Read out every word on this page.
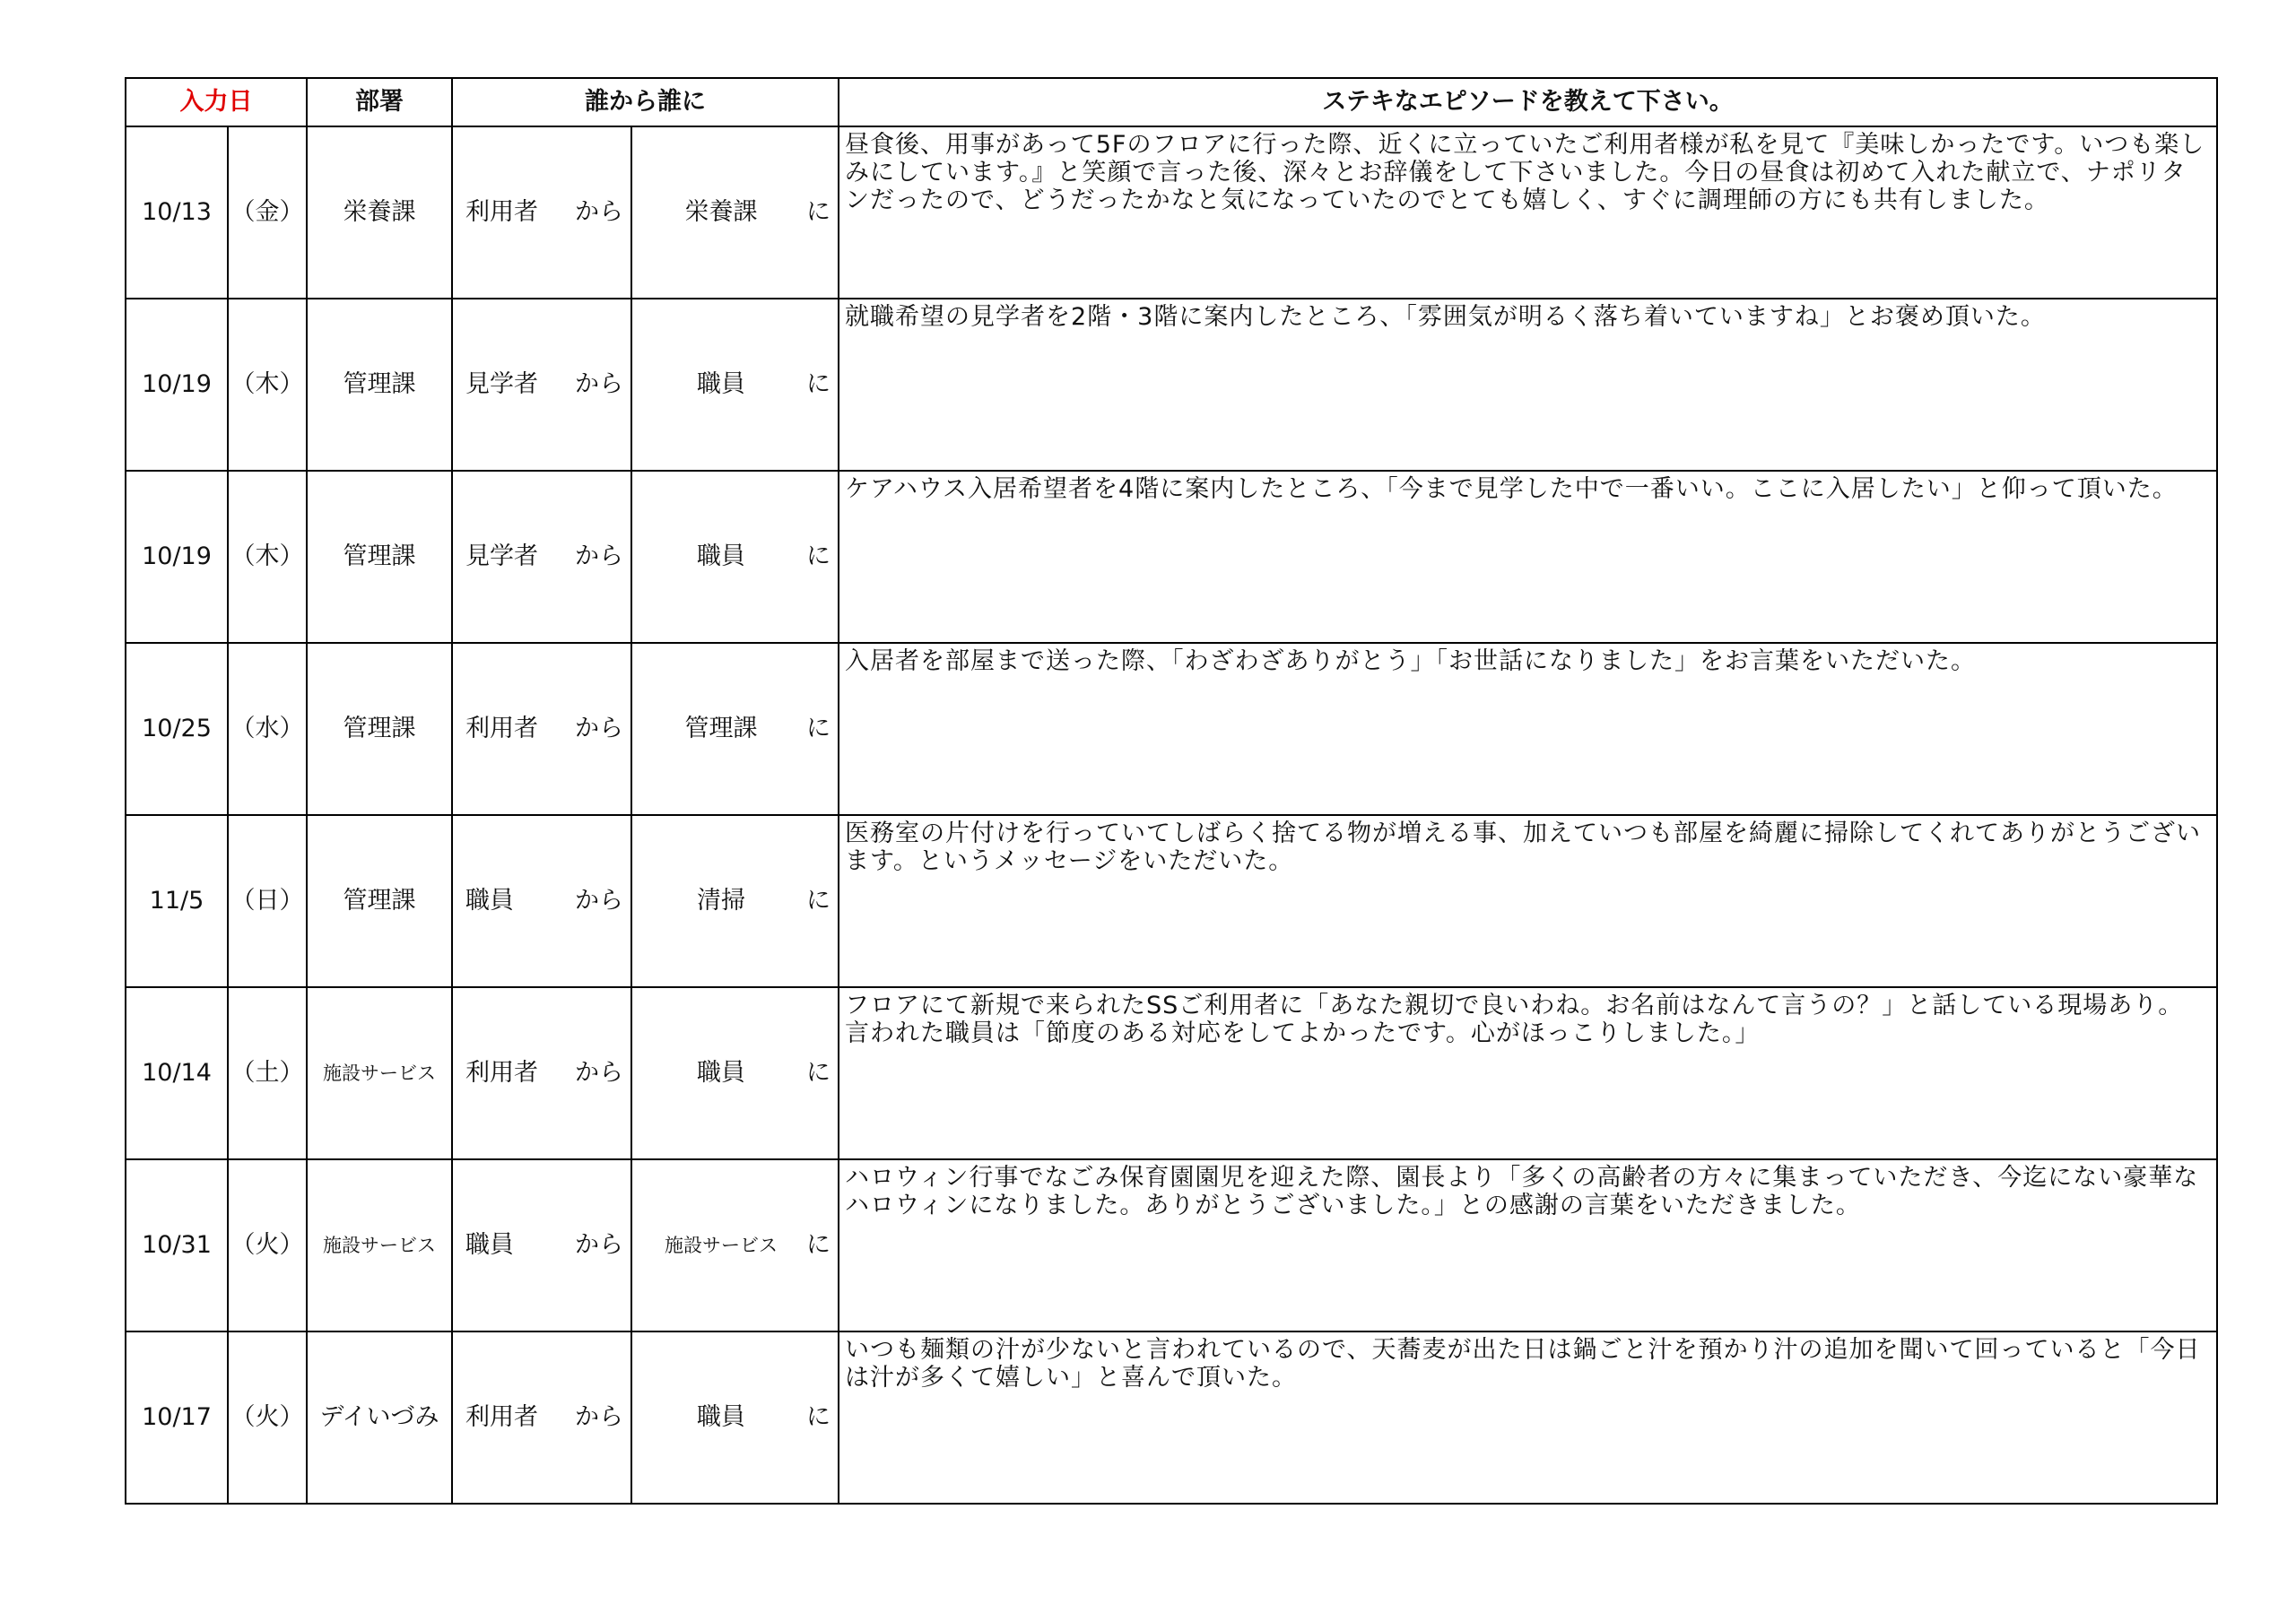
入力日		部署	誰から誰に		ステキなエピソードを教えて下さい。
10/13	（金）	栄養課	利用者 から	栄養課 に	昼食後、用事があって5Fのフロアに行った際、近くに立っていたご利用者様が私を見て『美味しかったです。いつも楽しみにしています。』と笑顔で言った後、深々とお辞儀をして下さいました。今日の昼食は初めて入れた献立で、ナポリタンだったので、どうだったかなと気になっていたのでとても嬉しく、すぐに調理師の方にも共有しました。
10/19	（木）	管理課	見学者 から	職員 に	就職希望の見学者を2階・3階に案内したところ、「雰囲気が明るく落ち着いていますね」とお褒め頂いた。
10/19	（木）	管理課	見学者 から	職員 に	ケアハウス入居希望者を4階に案内したところ、「今まで見学した中で一番いい。ここに入居したい」と仰って頂いた。
10/25	（水）	管理課	利用者 から	管理課 に	入居者を部屋まで送った際、「わざわざありがとう」「お世話になりました」をお言葉をいただいた。
11/5	（日）	管理課	職員 から	清掃 に	医務室の片付けを行っていてしばらく捨てる物が増える事、加えていつも部屋を綺麗に掃除してくれてありがとうございます。というメッセージをいただいた。
10/14	（土）	施設サービス	利用者 から	職員 に	フロアにて新規で来られたSSご利用者に「あなた親切で良いわね。お名前はなんて言うの？」と話している現場あり。言われた職員は「節度のある対応をしてよかったです。心がほっこりしました。」
10/31	（火）	施設サービス	職員 から	施設サービス に	ハロウィン行事でなごみ保育園園児を迎えた際、園長より「多くの高齢者の方々に集まっていただき、今迄にない豪華なハロウィンになりました。ありがとうございました。」との感謝の言葉をいただきました。
10/17	（火）	デイいづみ	利用者 から	職員 に	いつも麺類の汁が少ないと言われているので、天蕎麦が出た日は鍋ごと汁を預かり汁の追加を聞いて回っていると「今日は汁が多くて嬉しい」と喜んで頂いた。
